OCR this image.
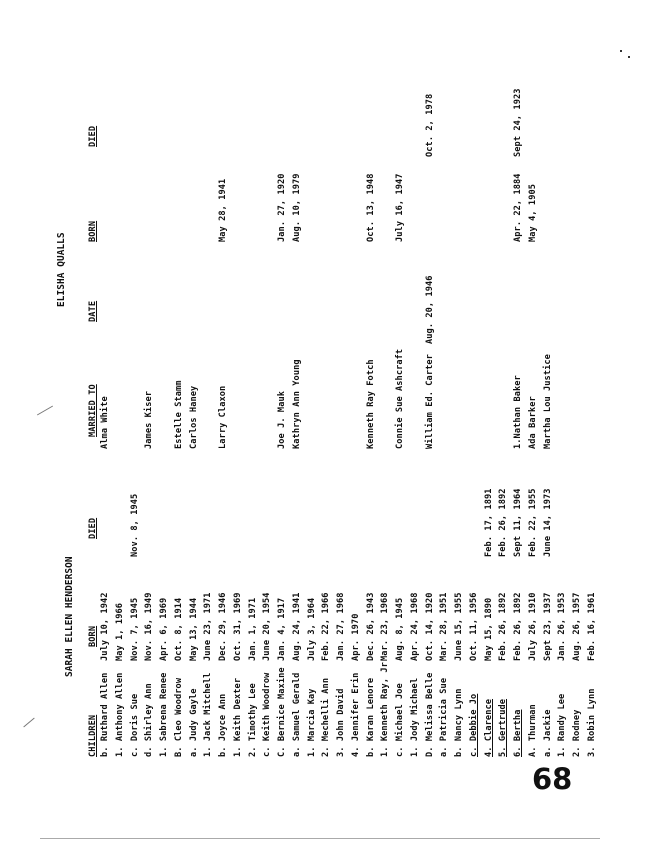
SARAH ELLEN HENDERSON
ELISHA QUALLS
CHILDREN
BORN
DIED
MARRIED TO
DATE
BORN
DIED
b. Ruthard Allen
July 10, 1942
Alma White
1. Anthony Allen
May 1, 1966
c. Doris Sue
Nov. 7, 1945
Nov. 8, 1945
d. Shirley Ann
Nov. 16, 1949
James Kiser
1. Sabrena Renee
Apr. 6, 1969
B. Cleo Woodrow
Oct. 8, 1914
Estelle Stamm
a. Judy Gayle
May 13, 1944
Carlos Haney
1. Jack Mitchell
June 23, 1971
b. Joyce Ann
Dec. 29, 1946
Larry Claxon
May 28, 1941
1. Keith Dexter
Oct. 31, 1969
2. Timothy Lee
Jan. 1, 1971
c. Keith Woodrow
June 20, 1954
C. Bernice Maxine
Jan. 4, 1917
Joe J. Mauk
Jan. 27, 1920
a. Samuel Gerald
Aug. 24, 1941
Kathryn Ann Young
Aug. 10, 1979
1. Marcia Kay
July 3, 1964
2. Mechelli Ann
Feb. 22, 1966
3. John David
Jan. 27, 1968
4. Jennifer Erin
Apr. 1970
b. Karan Lenore
Dec. 26, 1943
Kenneth Ray Fotch
Oct. 13, 1948
1. Kenneth Ray, Jr
Mar. 23, 1968
c. Michael Joe
Aug. 8, 1945
Connie Sue Ashcraft
July 16, 1947
1. Jody Michael
Apr. 24, 1968
D. Melissa Belle
Oct. 14, 1920
William Ed. Carter
Aug. 20, 1946
Oct. 2, 1978
a. Patricia Sue
Mar. 28, 1951
b. Nancy Lynn
June 15, 1955
c. Debbie Jo
Oct. 11, 1956
4. Clarence
May 15, 1890
Feb. 17, 1891
5. Gertrude
Feb. 26, 1892
Feb. 26, 1892
6. Bertha
Feb. 26, 1892
Sept 11, 1964
1.Nathan Baker
Apr. 22, 1884
Sept 24, 1923
A. Thurman
July 26, 1910
Feb. 22, 1955
Ada Barker
May 4, 1905
a. Jackie
Sept 23, 1937
June 14, 1973
Martha Lou Justice
1. Randy Lee
Jan. 26, 1953
2. Rodney
Aug. 26, 1957
3. Robin Lynn
Feb. 16, 1961
68
